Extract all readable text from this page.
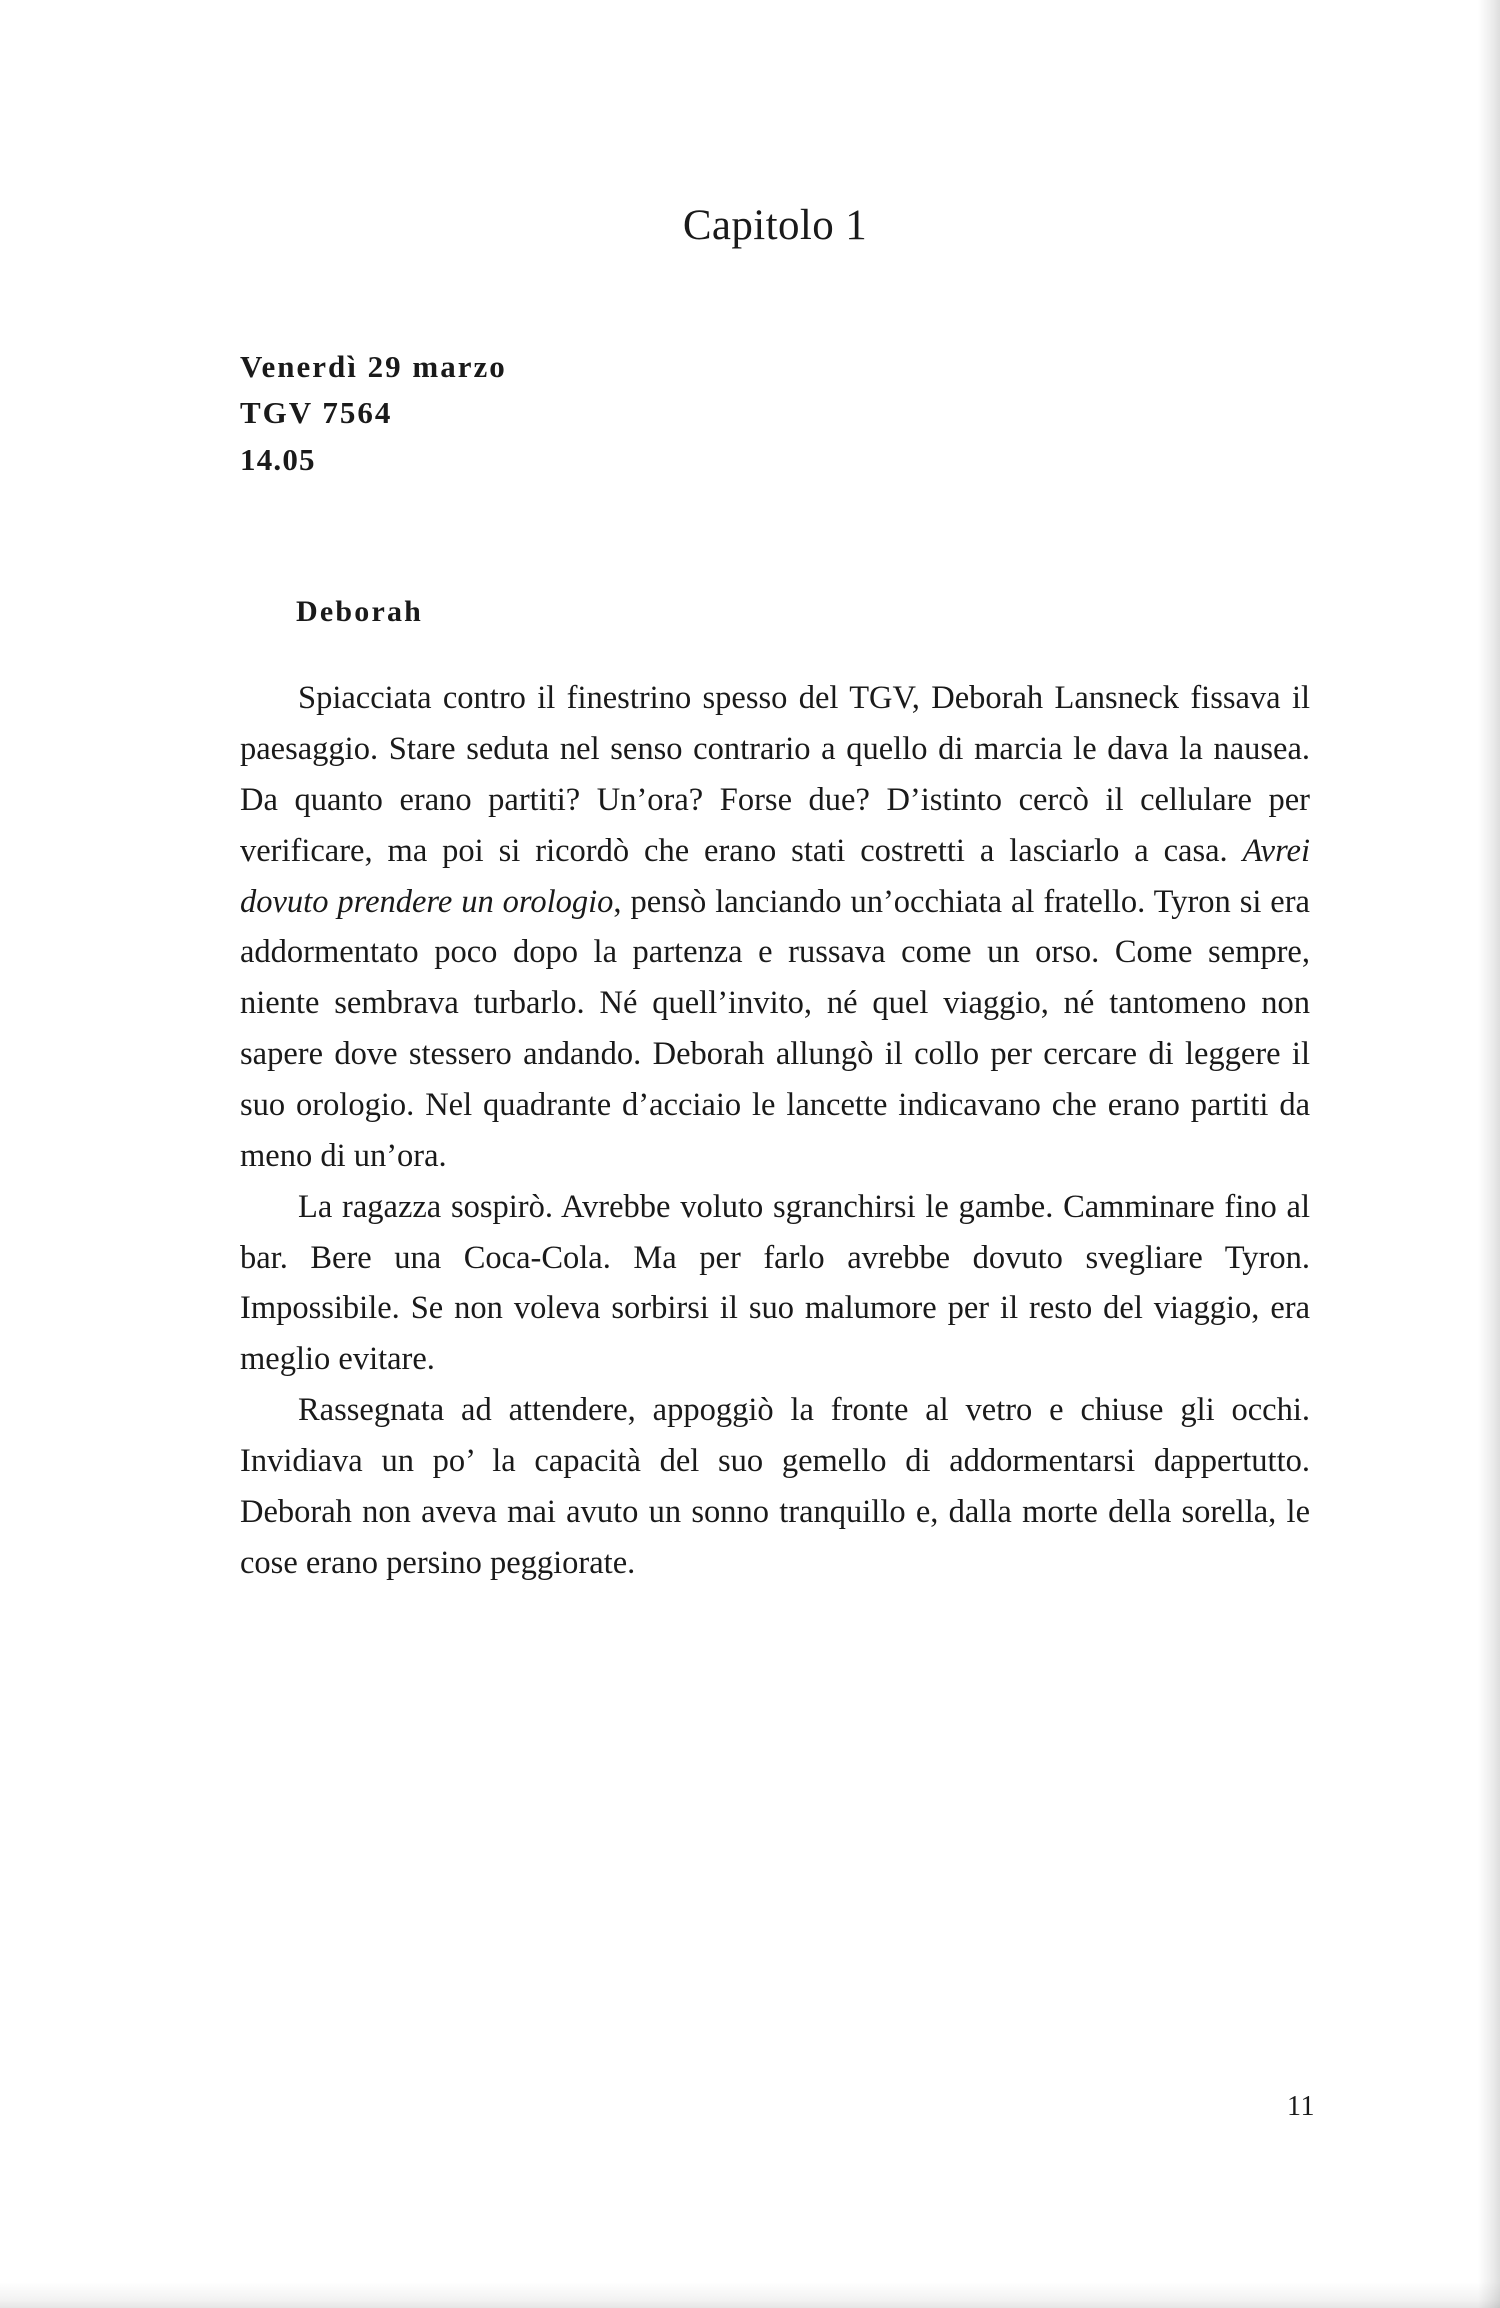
Capitolo 1

Venerdì 29 marzo

TGV 7564

14.05

Deborah

Spiacciata contro il finestrino spesso del TGV, Deborah Lansneck fissava il paesaggio. Stare seduta nel senso contrario a quello di marcia le dava la nausea. Da quanto erano partiti? Un’ora? Forse due? D’istinto cercò il cellulare per verificare, ma poi si ricordò che erano stati costretti a lasciarlo a casa. Avrei dovuto prendere un orologio, pensò lanciando un’occhiata al fratello. Tyron si era addormentato poco dopo la partenza e russava come un orso. Come sempre, niente sembrava turbarlo. Né quell’invito, né quel viaggio, né tantomeno non sapere dove stessero andando. Deborah allungò il collo per cercare di leggere il suo orologio. Nel quadrante d’acciaio le lancette indicavano che erano partiti da meno di un’ora.

La ragazza sospirò. Avrebbe voluto sgranchirsi le gambe. Camminare fino al bar. Bere una Coca-Cola. Ma per farlo avrebbe dovuto svegliare Tyron. Impossibile. Se non voleva sorbirsi il suo malumore per il resto del viaggio, era meglio evitare.

Rassegnata ad attendere, appoggiò la fronte al vetro e chiuse gli occhi. Invidiava un po’ la capacità del suo gemello di addormentarsi dappertutto. Deborah non aveva mai avuto un sonno tranquillo e, dalla morte della sorella, le cose erano persino peggiorate.

11
